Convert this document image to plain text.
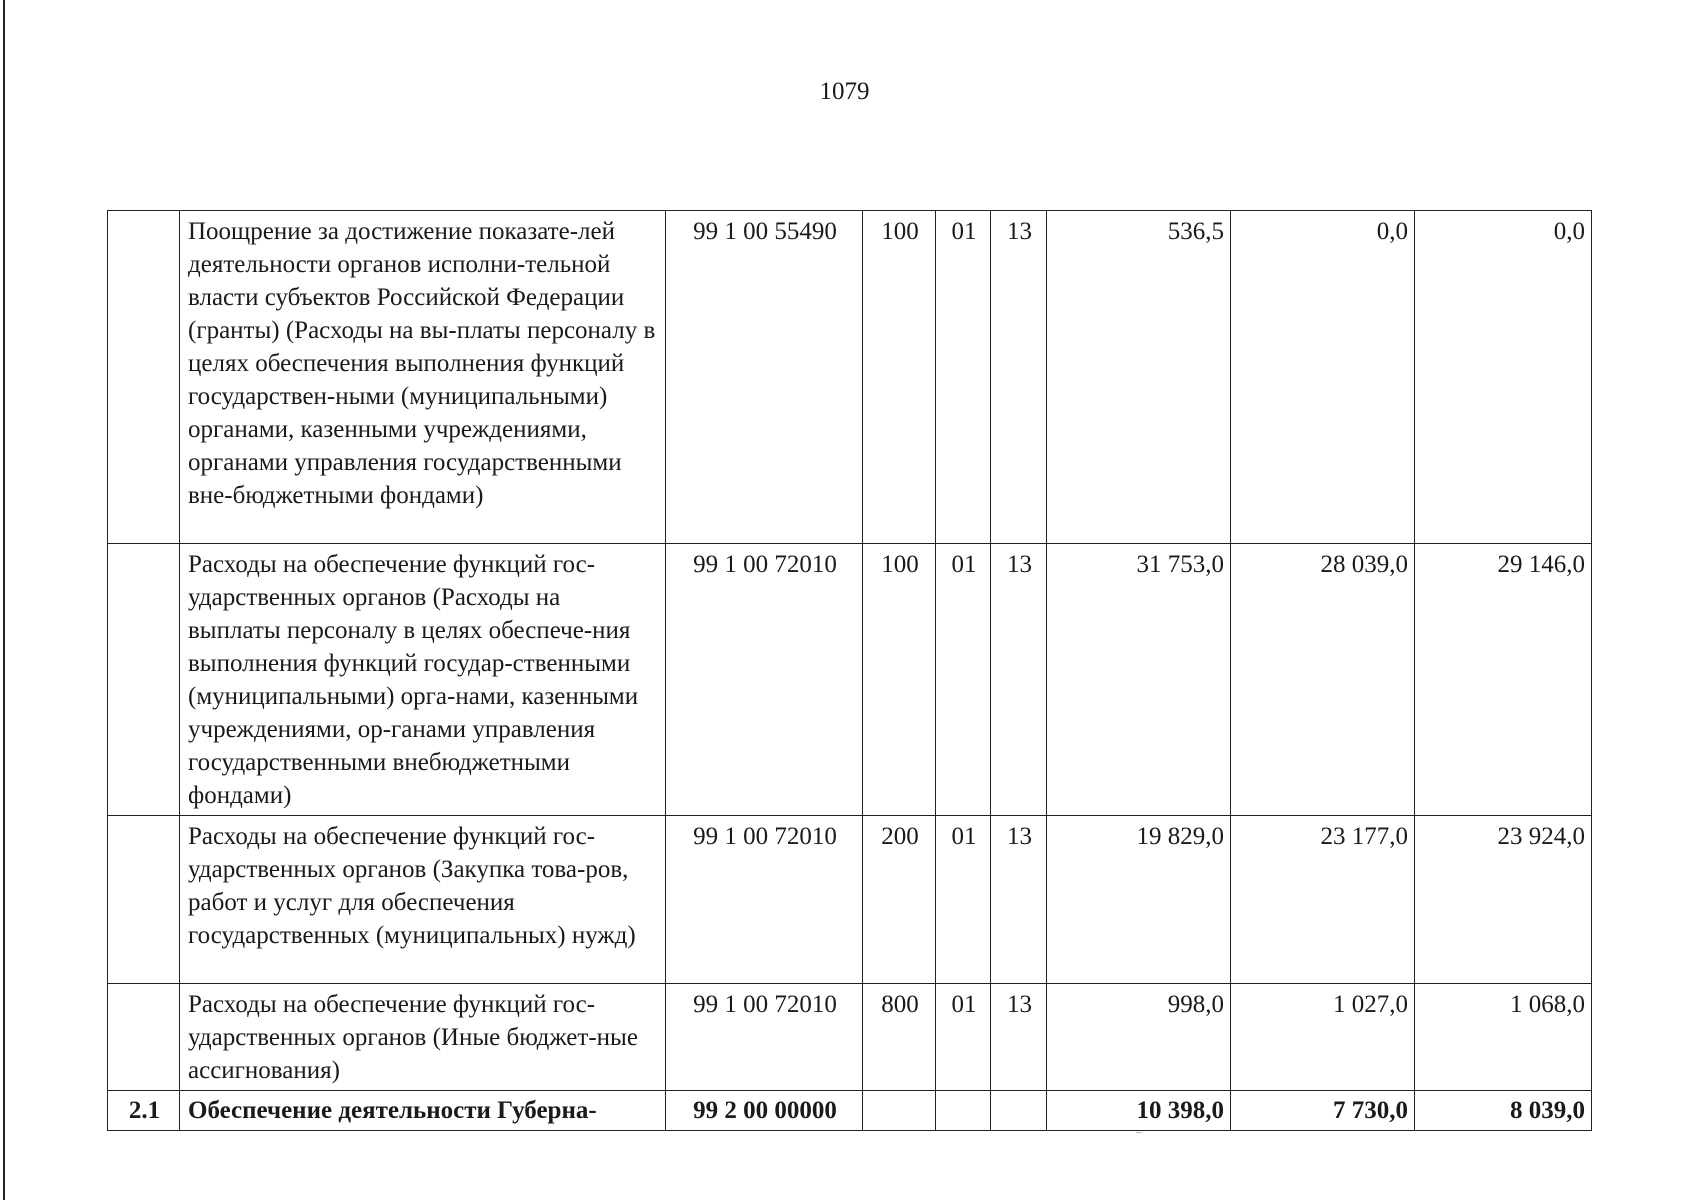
1079
	Поощрение за достижение показате-лей деятельности органов исполни-тельной власти субъектов Российской Федерации (гранты) (Расходы на вы-платы персоналу в целях обеспечения выполнения функций государствен-ными (муниципальными) органами, казенными учреждениями, органами управления государственными вне-бюджетными фондами)	99 1 00 55490	100	01	13	536,5	0,0	0,0
	Расходы на обеспечение функций гос-ударственных органов (Расходы на выплаты персоналу в целях обеспече-ния выполнения функций государ-ственными (муниципальными) орга-нами, казенными учреждениями, ор-ганами управления государственными внебюджетными фондами)	99 1 00 72010	100	01	13	31 753,0	28 039,0	29 146,0
	Расходы на обеспечение функций гос-ударственных органов (Закупка това-ров, работ и услуг для обеспечения государственных (муниципальных) нужд)	99 1 00 72010	200	01	13	19 829,0	23 177,0	23 924,0
	Расходы на обеспечение функций гос-ударственных органов (Иные бюджет-ные ассигнования)	99 1 00 72010	800	01	13	998,0	1 027,0	1 068,0
2.1	Обеспечение деятельности Губерна-	99 2 00 00000				10 398,0	7 730,0	8 039,0
